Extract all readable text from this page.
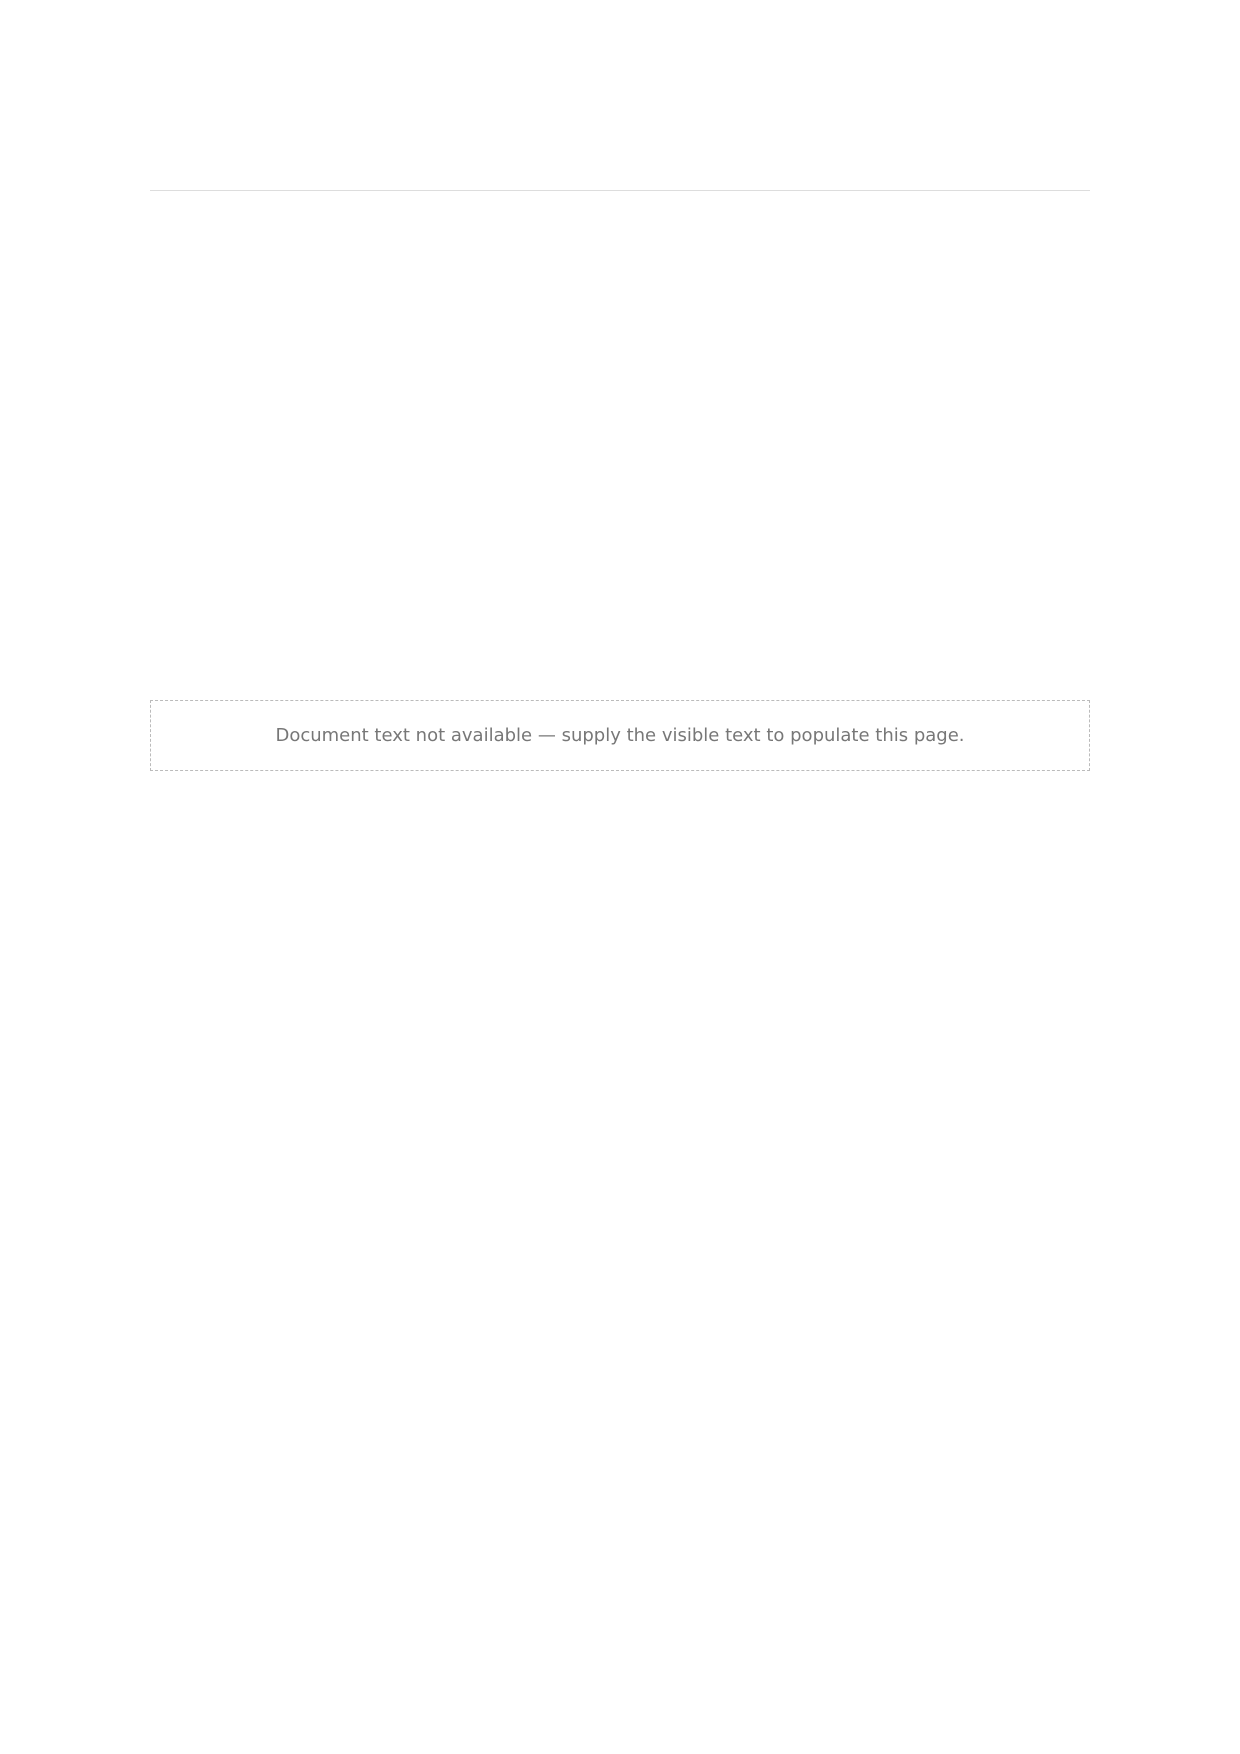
Document text not available — supply the visible text to populate this page.
